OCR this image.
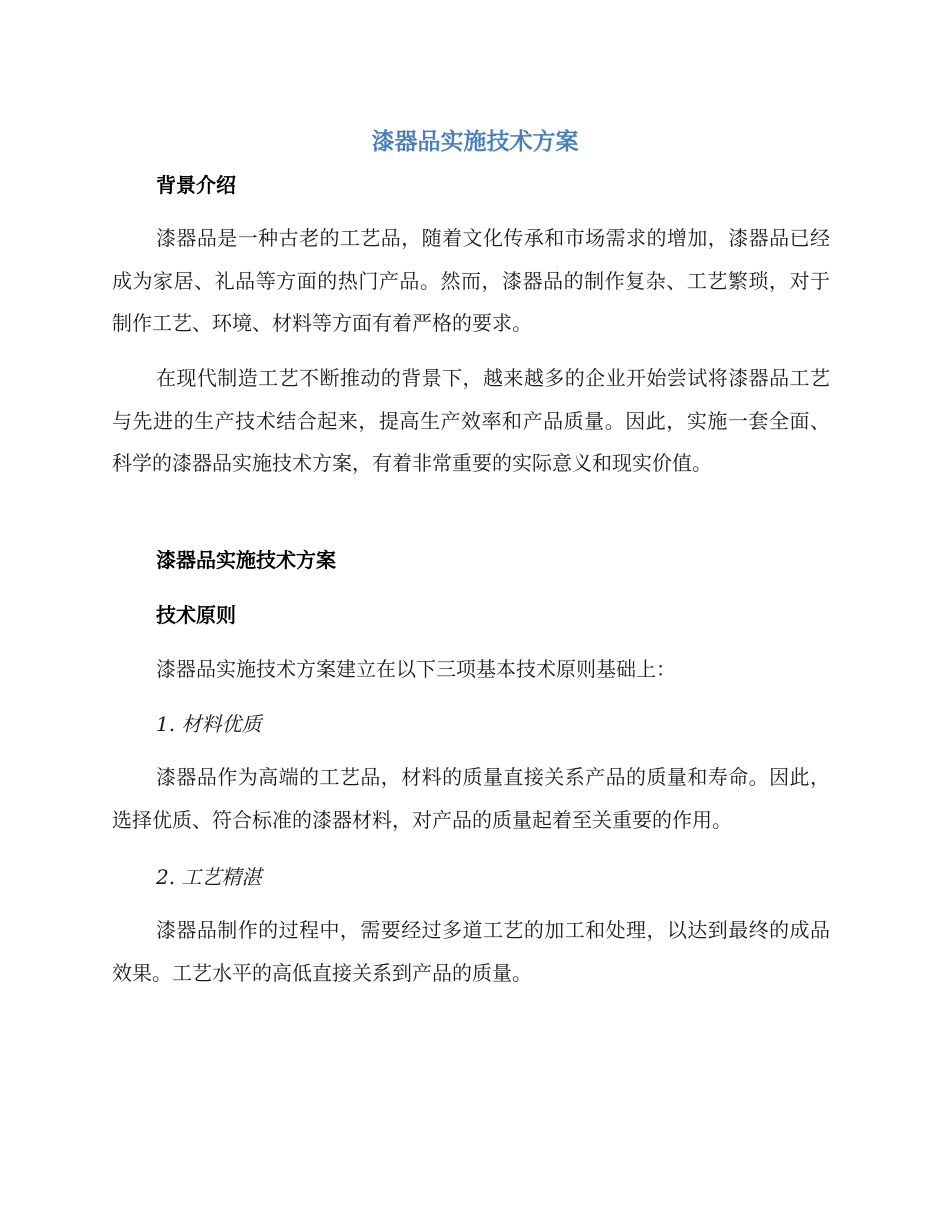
漆器品实施技术方案
背景介绍

漆器品是一种古老的工艺品，随着文化传承和市场需求的增加，漆器品已经成为家居、礼品等方面的热门产品。然而，漆器品的制作复杂、工艺繁琐，对于制作工艺、环境、材料等方面有着严格的要求。

在现代制造工艺不断推动的背景下，越来越多的企业开始尝试将漆器品工艺与先进的生产技术结合起来，提高生产效率和产品质量。因此，实施一套全面、科学的漆器品实施技术方案，有着非常重要的实际意义和现实价值。

漆器品实施技术方案
技术原则

漆器品实施技术方案建立在以下三项基本技术原则基础上：

1. 材料优质

漆器品作为高端的工艺品，材料的质量直接关系产品的质量和寿命。因此，选择优质、符合标准的漆器材料，对产品的质量起着至关重要的作用。

2. 工艺精湛

漆器品制作的过程中，需要经过多道工艺的加工和处理，以达到最终的成品效果。工艺水平的高低直接关系到产品的质量。
